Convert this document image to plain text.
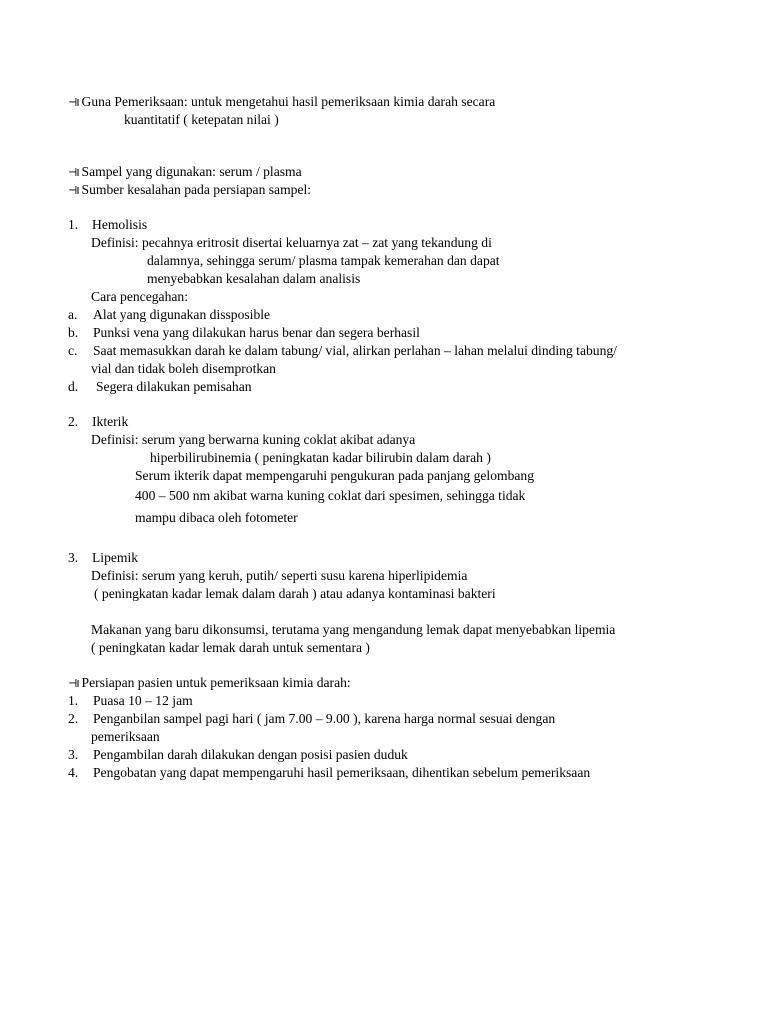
⊣‖ Guna Pemeriksaan: untuk mengetahui hasil pemeriksaan kimia darah secara
kuantitatif ( ketepatan nilai )
⊣‖ Sampel yang digunakan: serum / plasma
⊣‖ Sumber kesalahan pada persiapan sampel:
1. Hemolisis
Definisi: pecahnya eritrosit disertai keluarnya zat – zat yang tekandung di
dalamnya, sehingga serum/ plasma tampak kemerahan dan dapat
menyebabkan kesalahan dalam analisis
Cara pencegahan:
a. Alat yang digunakan dissposible
b. Punksi vena yang dilakukan harus benar dan segera berhasil
c. Saat memasukkan darah ke dalam tabung/ vial, alirkan perlahan – lahan melalui dinding tabung/
vial dan tidak boleh disemprotkan
d. Segera dilakukan pemisahan
2. Ikterik
Definisi: serum yang berwarna kuning coklat akibat adanya
hiperbilirubinemia ( peningkatan kadar bilirubin dalam darah )
Serum ikterik dapat mempengaruhi pengukuran pada panjang gelombang
400 – 500 nm akibat warna kuning coklat dari spesimen, sehingga tidak
mampu dibaca oleh fotometer
3. Lipemik
Definisi: serum yang keruh, putih/ seperti susu karena hiperlipidemia
( peningkatan kadar lemak dalam darah ) atau adanya kontaminasi bakteri
Makanan yang baru dikonsumsi, terutama yang mengandung lemak dapat menyebabkan lipemia
( peningkatan kadar lemak darah untuk sementara )
⊣‖ Persiapan pasien untuk pemeriksaan kimia darah:
1. Puasa 10 – 12 jam
2. Penganbilan sampel pagi hari ( jam 7.00 – 9.00 ), karena harga normal sesuai dengan
pemeriksaan
3. Pengambilan darah dilakukan dengan posisi pasien duduk
4. Pengobatan yang dapat mempengaruhi hasil pemeriksaan, dihentikan sebelum pemeriksaan
